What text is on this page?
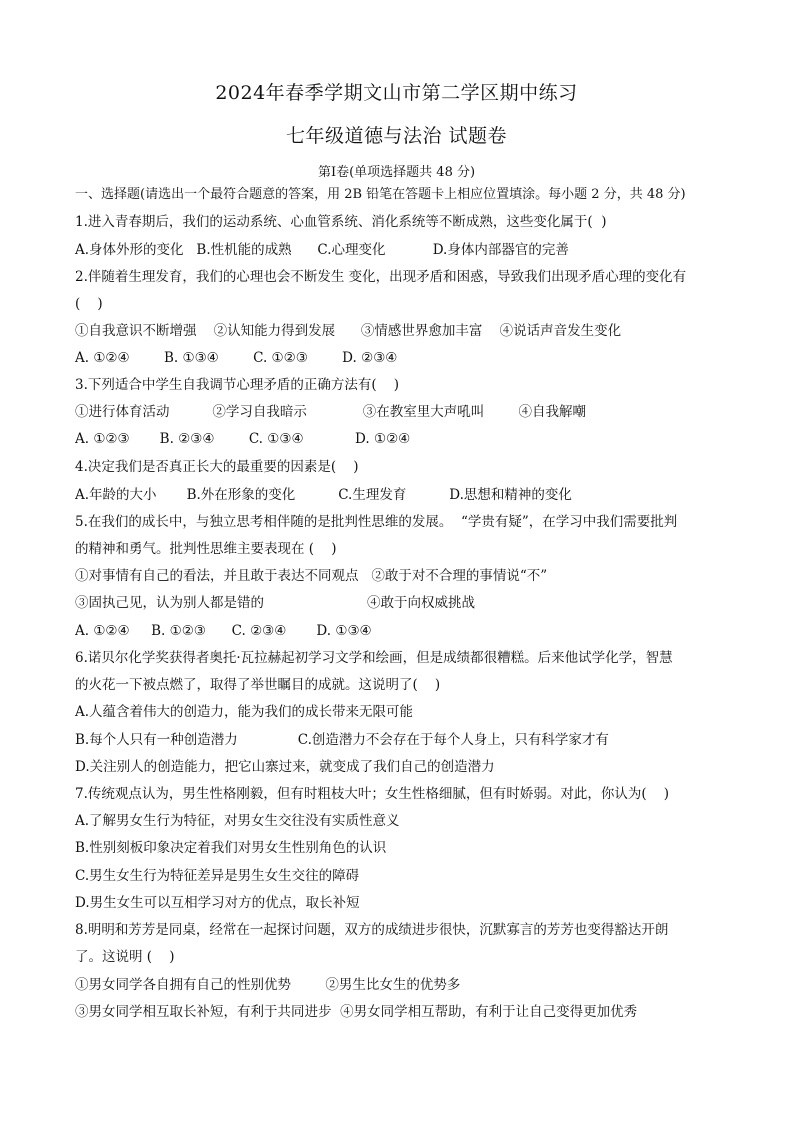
2024年春季学期文山市第二学区期中练习
七年级道德与法治 试题卷
第Ⅰ卷(单项选择题共 48 分)
一、选择题(请选出一个最符合题意的答案，用 2B 铅笔在答题卡上相应位置填涂。每小题 2 分，共 48 分)
1.进入青春期后，我们的运动系统、心血管系统、消化系统等不断成熟，这些变化属于(  )
A.身体外形的变化   B.性机能的成熟      C.心理变化           D.身体内部器官的完善
2.伴随着生理发育，我们的心理也会不断发生 变化，出现矛盾和困惑，导致我们出现矛盾心理的变化有
(    )
①自我意识不断增强    ②认知能力得到发展      ③情感世界愈加丰富    ④说话声音发生变化
A. ①②④        B. ①③④        C. ①②③        D. ②③④
3.下列适合中学生自我调节心理矛盾的正确方法有(    )
①进行体育活动          ②学习自我暗示             ③在教室里大声吼叫        ④自我解嘲
A. ①②③       B. ②③④        C. ①③④            D. ①②④
4.决定我们是否真正长大的最重要的因素是(    )
A.年龄的大小       B.外在形象的变化          C.生理发育          D.思想和精神的变化
5.在我们的成长中，与独立思考相伴随的是批判性思维的发展。  “学贵有疑”，在学习中我们需要批判
的精神和勇气。批判性思维主要表现在 (    )
①对事情有自己的看法，并且敢于表达不同观点   ②敢于对不合理的事情说“不”
③固执己见，认为别人都是错的                        ④敢于向权威挑战
A. ①②④     B. ①②③      C. ②③④       D. ①③④
6.诺贝尔化学奖获得者奥托·瓦拉赫起初学习文学和绘画，但是成绩都很糟糕。后来他试学化学，智慧
的火花一下被点燃了，取得了举世瞩目的成就。这说明了(    )
A.人蕴含着伟大的创造力，能为我们的成长带来无限可能
B.每个人只有一种创造潜力              C.创造潜力不会存在于每个人身上，只有科学家才有
D.关注别人的创造能力，把它山寨过来，就变成了我们自己的创造潜力
7.传统观点认为，男生性格刚毅，但有时粗枝大叶；女生性格细腻，但有时娇弱。对此，你认为(    )
A.了解男女生行为特征，对男女生交往没有实质性意义
B.性别刻板印象决定着我们对男女生性别角色的认识
C.男生女生行为特征差异是男生女生交往的障碍
D.男生女生可以互相学习对方的优点，取长补短
8.明明和芳芳是同桌，经常在一起探讨问题，双方的成绩进步很快，沉默寡言的芳芳也变得豁达开朗
了。这说明 (    )
①男女同学各自拥有自己的性别优势        ②男生比女生的优势多
③男女同学相互取长补短，有利于共同进步  ④男女同学相互帮助，有利于让自己变得更加优秀
